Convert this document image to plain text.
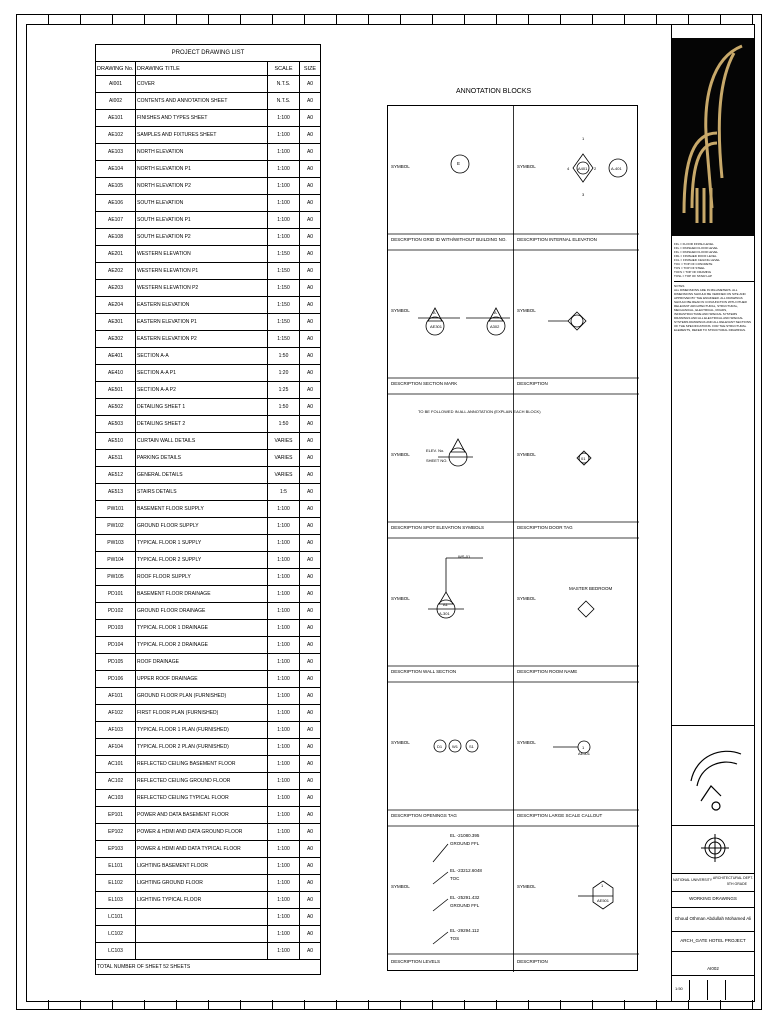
PROJECT DRAWING LIST			
DRAWING No.	DRAWING TITLE	SCALE	SIZE
AI001	COVER	N.T.S.	A0
AI002	CONTENTS AND ANNOTATION SHEET	N.T.S.	A0
AE101	FINISHES AND TYPES SHEET	1:100	A0
AE102	SAMPLES AND FIXTURES SHEET	1:100	A0
AE103	NORTH ELEVATION	1:100	A0
AE104	NORTH ELEVATION P1	1:100	A0
AE105	NORTH ELEVATION P2	1:100	A0
AE106	SOUTH ELEVATION	1:100	A0
AE107	SOUTH ELEVATION P1	1:100	A0
AE108	SOUTH ELEVATION P2	1:100	A0
AE201	WESTERN ELEVATION	1:150	A0
AE202	WESTERN ELEVATION P1	1:150	A0
AE203	WESTERN ELEVATION P2	1:150	A0
AE204	EASTERN ELEVATION	1:150	A0
AE301	EASTERN ELEVATION P1	1:150	A0
AE302	EASTERN ELEVATION P2	1:150	A0
AE401	SECTION A-A	1:50	A0
AE410	SECTION A-A P1	1:20	A0
AE501	SECTION A-A P2	1:25	A0
AE502	DETAILING SHEET 1	1:50	A0
AE503	DETAILING SHEET 2	1:50	A0
AE510	CURTAIN WALL DETAILS	VARIES	A0
AE511	PARKING DETAILS	VARIES	A0
AE512	GENERAL DETAILS	VARIES	A0
AE513	STAIRS DETAILS	1:5	A0
PW101	BASEMENT FLOOR SUPPLY	1:100	A0
PW102	GROUND FLOOR SUPPLY	1:100	A0
PW103	TYPICAL FLOOR 1 SUPPLY	1:100	A0
PW104	TYPICAL FLOOR 2 SUPPLY	1:100	A0
PW105	ROOF FLOOR SUPPLY	1:100	A0
PD101	BASEMENT FLOOR DRAINAGE	1:100	A0
PD102	GROUND FLOOR DRAINAGE	1:100	A0
PD103	TYPICAL FLOOR 1 DRAINAGE	1:100	A0
PD104	TYPICAL FLOOR 2 DRAINAGE	1:100	A0
PD105	ROOF DRAINAGE	1:100	A0
PD106	UPPER ROOF DRAINAGE	1:100	A0
AF101	GROUND FLOOR PLAN (FURNISHED)	1:100	A0
AF102	FIRST FLOOR PLAN (FURNISHED)	1:100	A0
AF103	TYPICAL FLOOR 1 PLAN (FURNISHED)	1:100	A0
AF104	TYPICAL FLOOR 2 PLAN (FURNISHED)	1:100	A0
AC101	REFLECTED CEILING BASEMENT FLOOR	1:100	A0
AC102	REFLECTED CEILING GROUND FLOOR	1:100	A0
AC103	REFLECTED CEILING TYPICAL FLOOR	1:100	A0
EP101	POWER AND DATA BASEMENT FLOOR	1:100	A0
EP102	POWER & HDMI AND DATA GROUND FLOOR	1:100	A0
EP103	POWER & HDMI AND DATA TYPICAL FLOOR	1:100	A0
EL101	LIGHTING BASEMENT FLOOR	1:100	A0
EL102	LIGHTING GROUND FLOOR	1:100	A0
EL103	LIGHTING TYPICAL FLOOR	1:100	A0
LC101		1:100	A0
LC102		1:100	A0
LC103		1:100	A0
TOTAL NUMBER OF SHEET 52 SHEETS			
ANNOTATION BLOCKS
SYMBOL
DESCRIPTION GRID ID WITH/WITHOUT BUILDING NO.
SYMBOL
DESCRIPTION INTERNAL ELEVATION
SYMBOL
DESCRIPTION SECTION MARK
SYMBOL
DESCRIPTION
SYMBOL
DESCRIPTION SPOT ELEVATION SYMBOLS
SYMBOL
DESCRIPTION DOOR TAG
SYMBOL
DESCRIPTION WALL SECTION
SYMBOL
DESCRIPTION ROOM NAME
SYMBOL
DESCRIPTION OPENINGS TAG
SYMBOL
DESCRIPTION LARGE SCALE CALLOUT
SYMBOL
DESCRIPTION LEVELS
SYMBOL
DESCRIPTION
E
A401
1
2
3
4	A-401
A
AE301
A
A302
TO BE FOLLOWED IN ALL ANNOTATION (EXPLAIN EACH BLOCK)
ELEV. No.
SHEET NO.	01
A1
A-301
WS-01
MASTER BEDROOM
D1 W1	S1	1
AE501
EL -21080.395
GROUND FFL
EL -23212.6048
TOC
EL -25291.432
GROUND FFL
EL -29294.112
TOS
1
AE501
FFL = FLOOR FINISH LEVEL
FFL = FINISHED FLOOR LEVEL
FFL = FINISHED FLOOR LEVEL
FRL = FINISHED ROOF LEVEL
FCL = FINISHED CEILING LEVEL
TOC = TOP OF CONCRETE
TOS = TOP OF STEEL
TOFS = TOP OF FRAMING
TOSL = TOP OF STAIR LAP
NOTES
ALL DIMENSIONS ARE IN MILLIMETERS. ALL DIMENSIONS SHOULD BE VERIFIED ON SITE AND APPROVED BY THE ENGINEER. ALL DRAWINGS SHOULD BE READ IN CONJUNCTION WITH OTHER RELEVANT ARCHITECTURAL, STRUCTURAL, MECHANICAL, ELECTRICAL, ROADS, INFRASTRUCTURE AND SPECIAL SYSTEMS DRAWINGS AND ALL ELECTRICAL AND SPECIAL SYSTEMS DRAWINGS AND ALL RELEVANT SECTIONS OF THE SPECIFICATIONS. FOR THE STRUCTURAL ELEMENTS, REFER TO STRUCTURAL DRAWINGS.
NATIONAL UNIVERSITY ARCHITECTURAL DEPT.
5TH GRADE
WORKING DRAWINGS
Ghoud Othman Abdullah Mohamed Ali
ARCH_GATE HOTEL PROJECT
AI002
1:50
